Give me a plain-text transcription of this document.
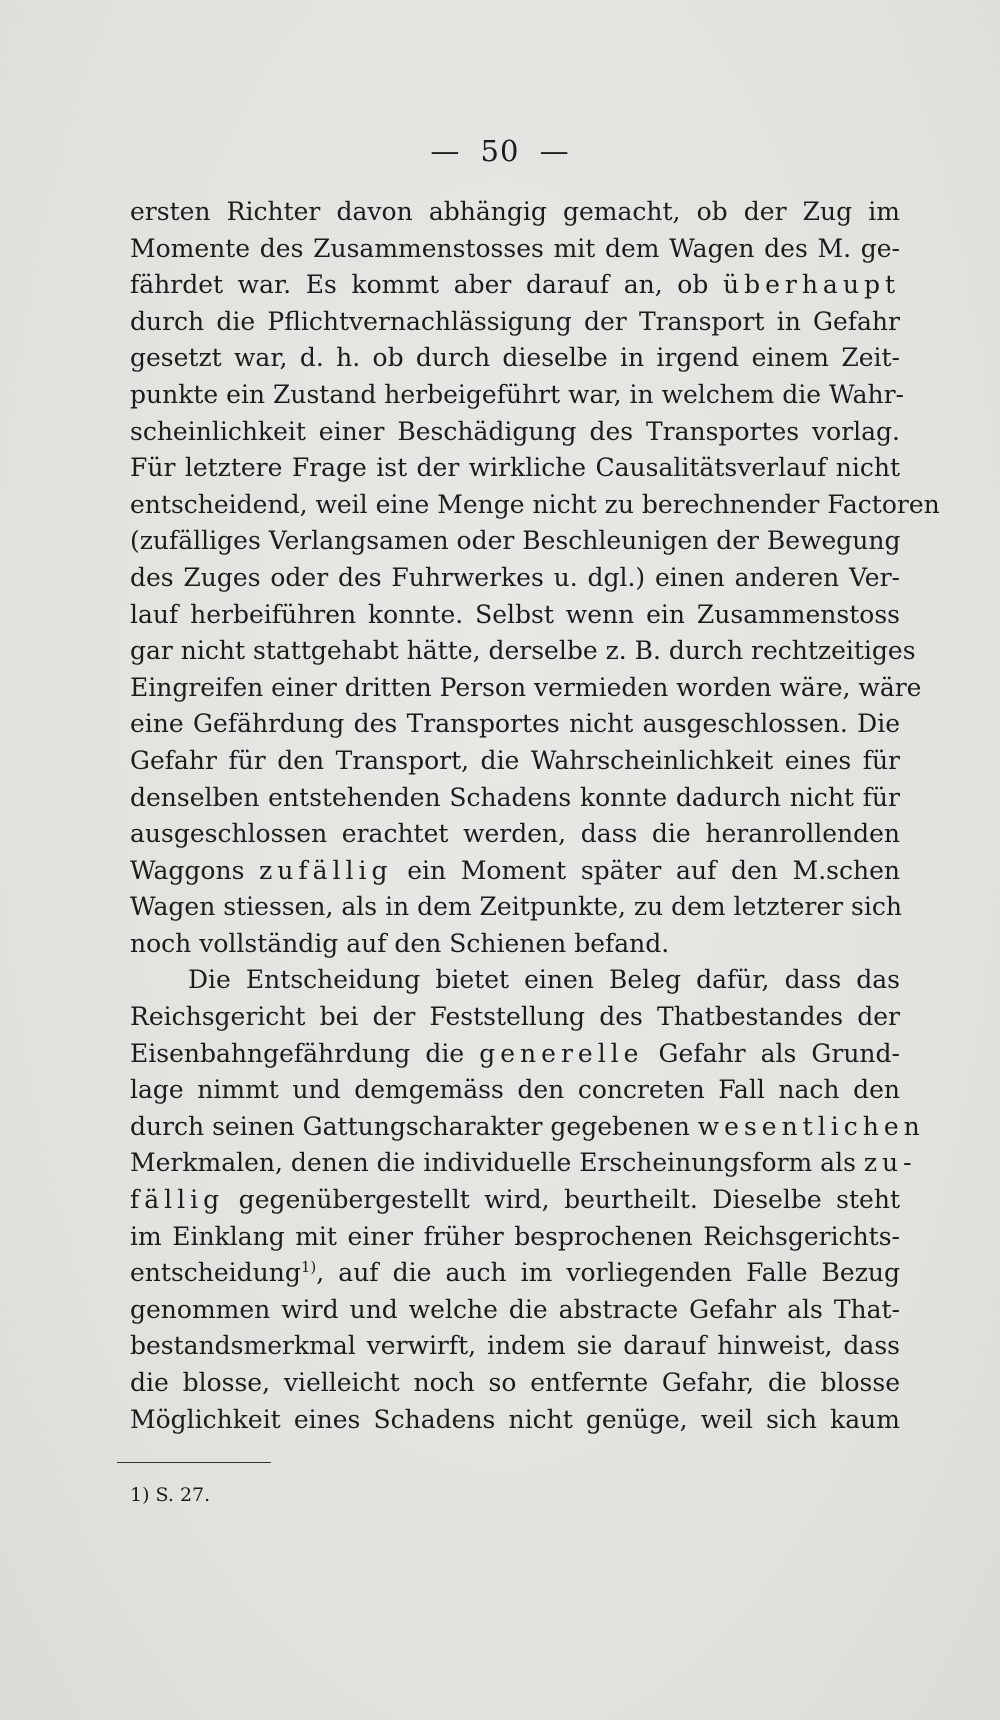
— 50 —
ersten Richter davon abhängig gemacht, ob der Zug im
Momente des Zusammenstosses mit dem Wagen des M. ge-
fährdet war. Es kommt aber darauf an, ob überhaupt
durch die Pflichtvernachlässigung der Transport in Gefahr
gesetzt war, d. h. ob durch dieselbe in irgend einem Zeit-
punkte ein Zustand herbeigeführt war, in welchem die Wahr-
scheinlichkeit einer Beschädigung des Transportes vorlag.
Für letztere Frage ist der wirkliche Causalitätsverlauf nicht
entscheidend, weil eine Menge nicht zu berechnender Factoren
(zufälliges Verlangsamen oder Beschleunigen der Bewegung
des Zuges oder des Fuhrwerkes u. dgl.) einen anderen Ver-
lauf herbeiführen konnte. Selbst wenn ein Zusammenstoss
gar nicht stattgehabt hätte, derselbe z. B. durch rechtzeitiges
Eingreifen einer dritten Person vermieden worden wäre, wäre
eine Gefährdung des Transportes nicht ausgeschlossen. Die
Gefahr für den Transport, die Wahrscheinlichkeit eines für
denselben entstehenden Schadens konnte dadurch nicht für
ausgeschlossen erachtet werden, dass die heranrollenden
Waggons zufällig ein Moment später auf den M.schen
Wagen stiessen, als in dem Zeitpunkte, zu dem letzterer sich
noch vollständig auf den Schienen befand.
Die Entscheidung bietet einen Beleg dafür, dass das
Reichsgericht bei der Feststellung des Thatbestandes der
Eisenbahngefährdung die generelle Gefahr als Grund-
lage nimmt und demgemäss den concreten Fall nach den
durch seinen Gattungscharakter gegebenen wesentlichen
Merkmalen, denen die individuelle Erscheinungsform als zu-
fällig gegenübergestellt wird, beurtheilt. Dieselbe steht
im Einklang mit einer früher besprochenen Reichsgerichts-
entscheidung$^{1)}$, auf die auch im vorliegenden Falle Bezug
genommen wird und welche die abstracte Gefahr als That-
bestandsmerkmal verwirft, indem sie darauf hinweist, dass
die blosse, vielleicht noch so entfernte Gefahr, die blosse
Möglichkeit eines Schadens nicht genüge, weil sich kaum
1) S. 27.
